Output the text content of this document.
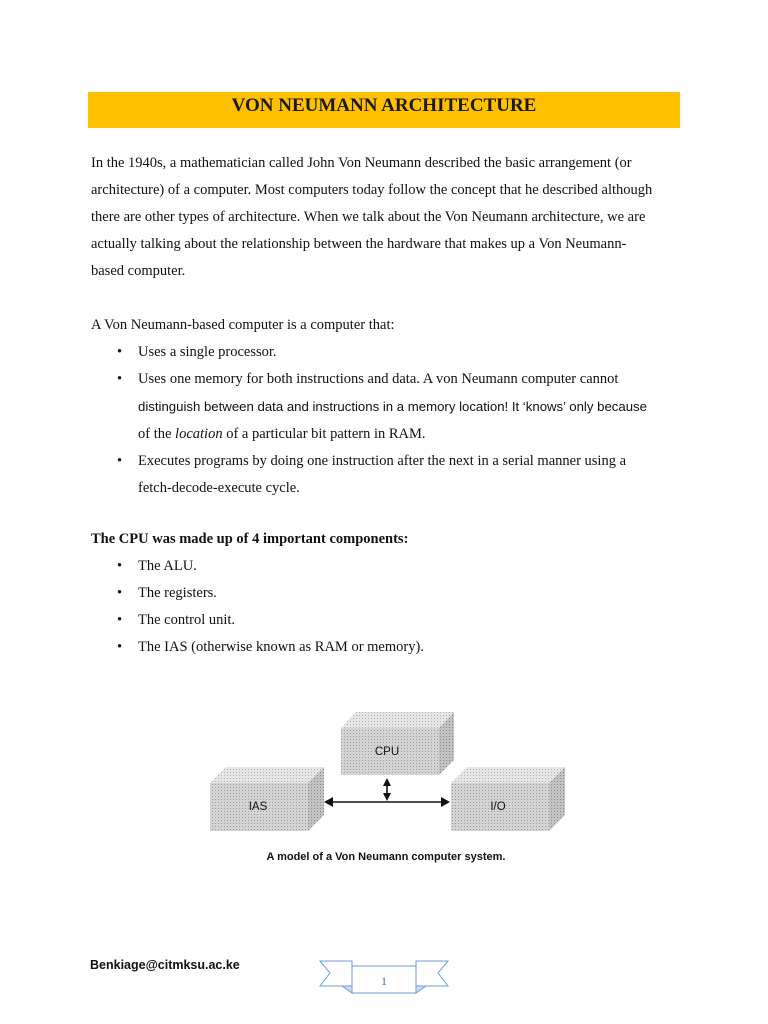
VON NEUMANN ARCHITECTURE

In the 1940s, a mathematician called John Von Neumann described the basic arrangement (or
architecture) of a computer. Most computers today follow the concept that he described although
there are other types of architecture. When we talk about the Von Neumann architecture, we are
actually talking about the relationship between the hardware that makes up a Von Neumann-
based computer.

A Von Neumann-based computer is a computer that:

• Uses a single processor.
• Uses one memory for both instructions and data. A von Neumann computer cannot
distinguish between data and instructions in a memory location! It ‘knows’ only because
of the location of a particular bit pattern in RAM.
• Executes programs by doing one instruction after the next in a serial manner using a
fetch-decode-execute cycle.

The CPU was made up of 4 important components:

• The ALU.
• The registers.
• The control unit.
• The IAS (otherwise known as RAM or memory).
CPU
IAS	I/O
A model of a Von Neumann computer system.
Benkiage@citmksu.ac.ke
1
